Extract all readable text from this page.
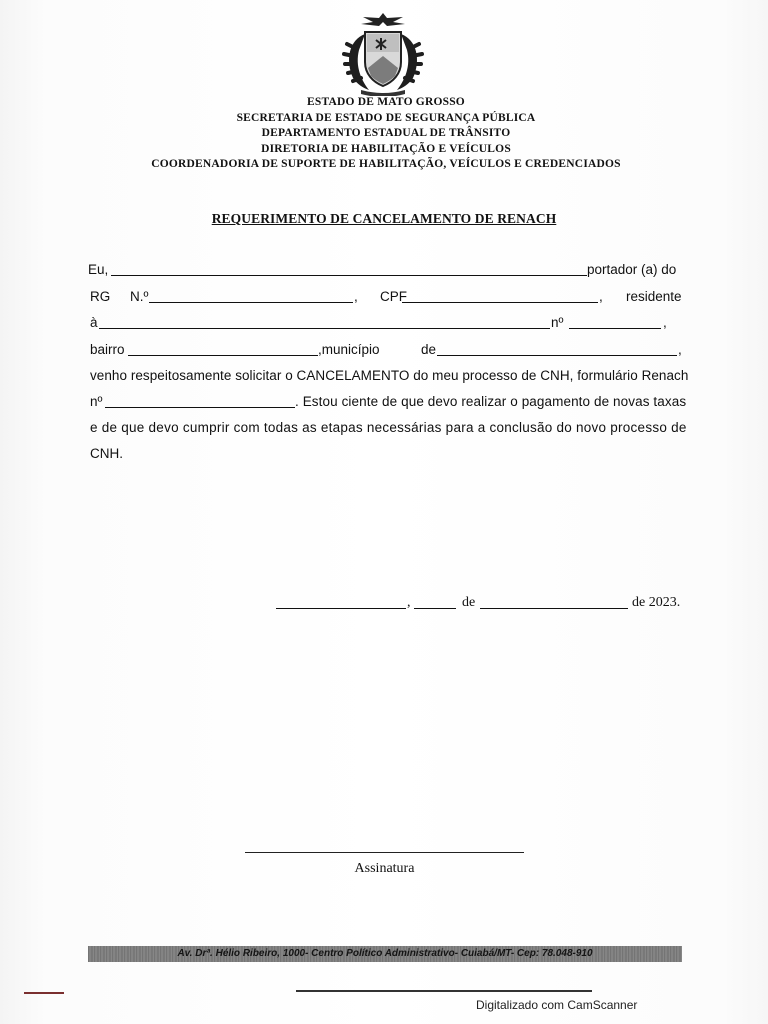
ESTADO DE MATO GROSSO
SECRETARIA DE ESTADO DE SEGURANÇA PÚBLICA
DEPARTAMENTO ESTADUAL DE TRÂNSITO
DIRETORIA DE HABILITAÇÃO E VEÍCULOS
COORDENADORIA DE SUPORTE DE HABILITAÇÃO, VEÍCULOS E CREDENCIADOS
REQUERIMENTO DE CANCELAMENTO DE RENACH
Eu,	portador (a) do
RG N.º	, CPF	, residente
à	nº	,
bairro	,município	de	,
venho respeitosamente solicitar o CANCELAMENTO do meu processo de CNH, formulário Renach
nº	. Estou ciente de que devo realizar o pagamento de novas taxas
e de que devo cumprir com todas as etapas necessárias para a conclusão do novo processo de
CNH.
,	de	de 2023.
Assinatura
Av. Drª. Hélio Ribeiro, 1000- Centro Político Administrativo- Cuiabá/MT- Cep: 78.048-910
Digitalizado com CamScanner
